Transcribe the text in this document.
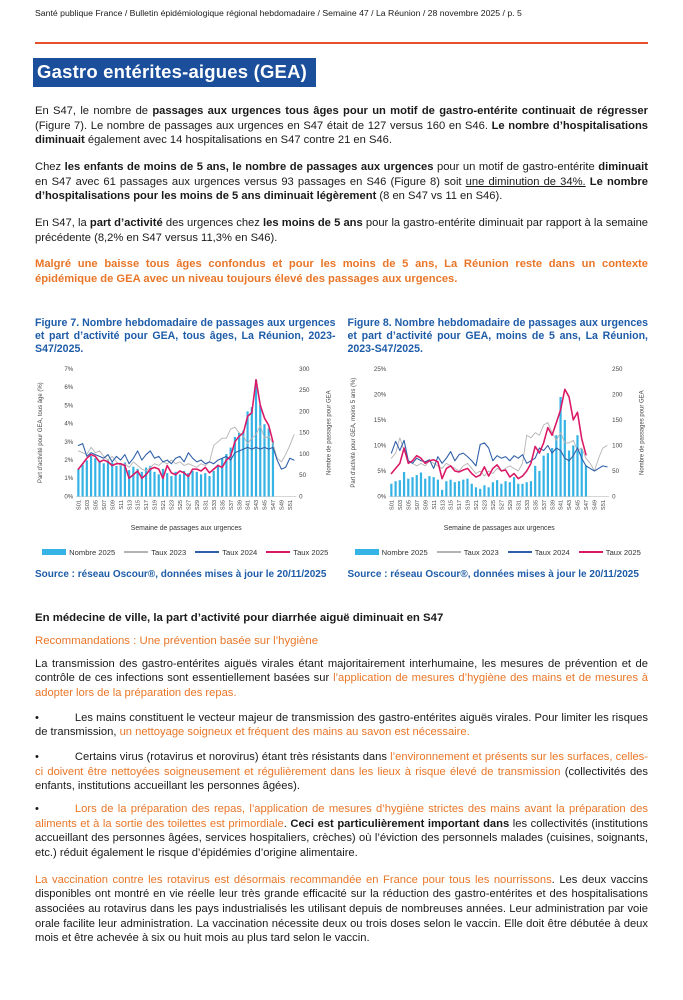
Santé publique France / Bulletin épidémiologique régional hebdomadaire / Semaine 47 / La Réunion / 28 novembre 2025 / p. 5

Gastro entérites-aigues (GEA)

En S47, le nombre de passages aux urgences tous âges pour un motif de gastro-entérite continuait de régresser (Figure 7). Le nombre de passages aux urgences en S47 était de 127 versus 160 en S46. Le nombre d’hospitalisations diminuait également avec 14 hospitalisations en S47 contre 21 en S46.

Chez les enfants de moins de 5 ans, le nombre de passages aux urgences pour un motif de gastro-entérite diminuait en S47 avec 61 passages aux urgences versus 93 passages en S46 (Figure 8) soit une diminution de 34%. Le nombre d’hospitalisations pour les moins de 5 ans diminuait légèrement (8 en S47 vs 11 en S46).

En S47, la part d’activité des urgences chez les moins de 5 ans pour la gastro-entérite diminuait par rapport à la semaine précédente (8,2% en S47 versus 11,3% en S46).

Malgré une baisse tous âges confondus et pour les moins de 5 ans, La Réunion reste dans un contexte épidémique de GEA avec un niveau toujours élevé des passages aux urgences.

Figure 7. Nombre hebdomadaire de passages aux urgences et part d’activité pour GEA, tous âges, La Réunion, 2023-S47/2025.

0%
1%
2%
3%
4%
5%
6%
7%
0
50
100
150
200
250
300
Part d'activité pour GEA, tous âge (%)	Nombre de passages pour GEA
S01 S03 S05 S07 S09 S11 S13 S15 S17 S19 S21 S23 S25 S27 S29 S31 S33 S35 S37 S39 S41 S43 S45 S47 S49 S51
Semaine de passages aux urgences
Nombre 2025	Taux 2023	Taux 2024	Taux 2025

Source : réseau Oscour®, données mises à jour le 20/11/2025

Figure 8. Nombre hebdomadaire de passages aux urgences et part d’activité pour GEA, moins de 5 ans, La Réunion, 2023-S47/2025.

0%
5%
10%
15%
20%
25%
0
50
100
150
200
250
Part d'activité pour GEA, moins 5 ans (%)	Nombre de passages pour GEA
S01 S03 S05 S07 S09 S11 S13 S15 S17 S19 S21 S23 S25 S27 S29 S31 S33 S35 S37 S39 S41 S43 S45 S47 S49 S51
Semaine de passages aux urgences
Nombre 2025	Taux 2023	Taux 2024	Taux 2025

Source : réseau Oscour®, données mises à jour le 20/11/2025

En médecine de ville, la part d’activité pour diarrhée aiguë diminuait en S47

Recommandations : Une prévention basée sur l’hygiène

La transmission des gastro-entérites aiguës virales étant majoritairement interhumaine, les mesures de prévention et de contrôle de ces infections sont essentiellement basées sur l’application de mesures d’hygiène des mains et de mesures à adopter lors de la préparation des repas.

•	Les mains constituent le vecteur majeur de transmission des gastro-entérites aiguës virales. Pour limiter les risques de transmission, un nettoyage soigneux et fréquent des mains au savon est nécessaire.

•	Certains virus (rotavirus et norovirus) étant très résistants dans l’environnement et présents sur les surfaces, celles-ci doivent être nettoyées soigneusement et régulièrement dans les lieux à risque élevé de transmission (collectivités des enfants, institutions accueillant les personnes âgées).

•	Lors de la préparation des repas, l’application de mesures d’hygiène strictes des mains avant la préparation des aliments et à la sortie des toilettes est primordiale. Ceci est particulièrement important dans les collectivités (institutions accueillant des personnes âgées, services hospitaliers, crèches) où l’éviction des personnels malades (cuisines, soignants, etc.) réduit également le risque d’épidémies d’origine alimentaire.

La vaccination contre les rotavirus est désormais recommandée en France pour tous les nourrissons. Les deux vaccins disponibles ont montré en vie réelle leur très grande efficacité sur la réduction des gastro-entérites et des hospitalisations associées au rotavirus dans les pays industrialisés les utilisant depuis de nombreuses années. Leur administration par voie orale facilite leur administration. La vaccination nécessite deux ou trois doses selon le vaccin. Elle doit être débutée à deux mois et être achevée à six ou huit mois au plus tard selon le vaccin.
